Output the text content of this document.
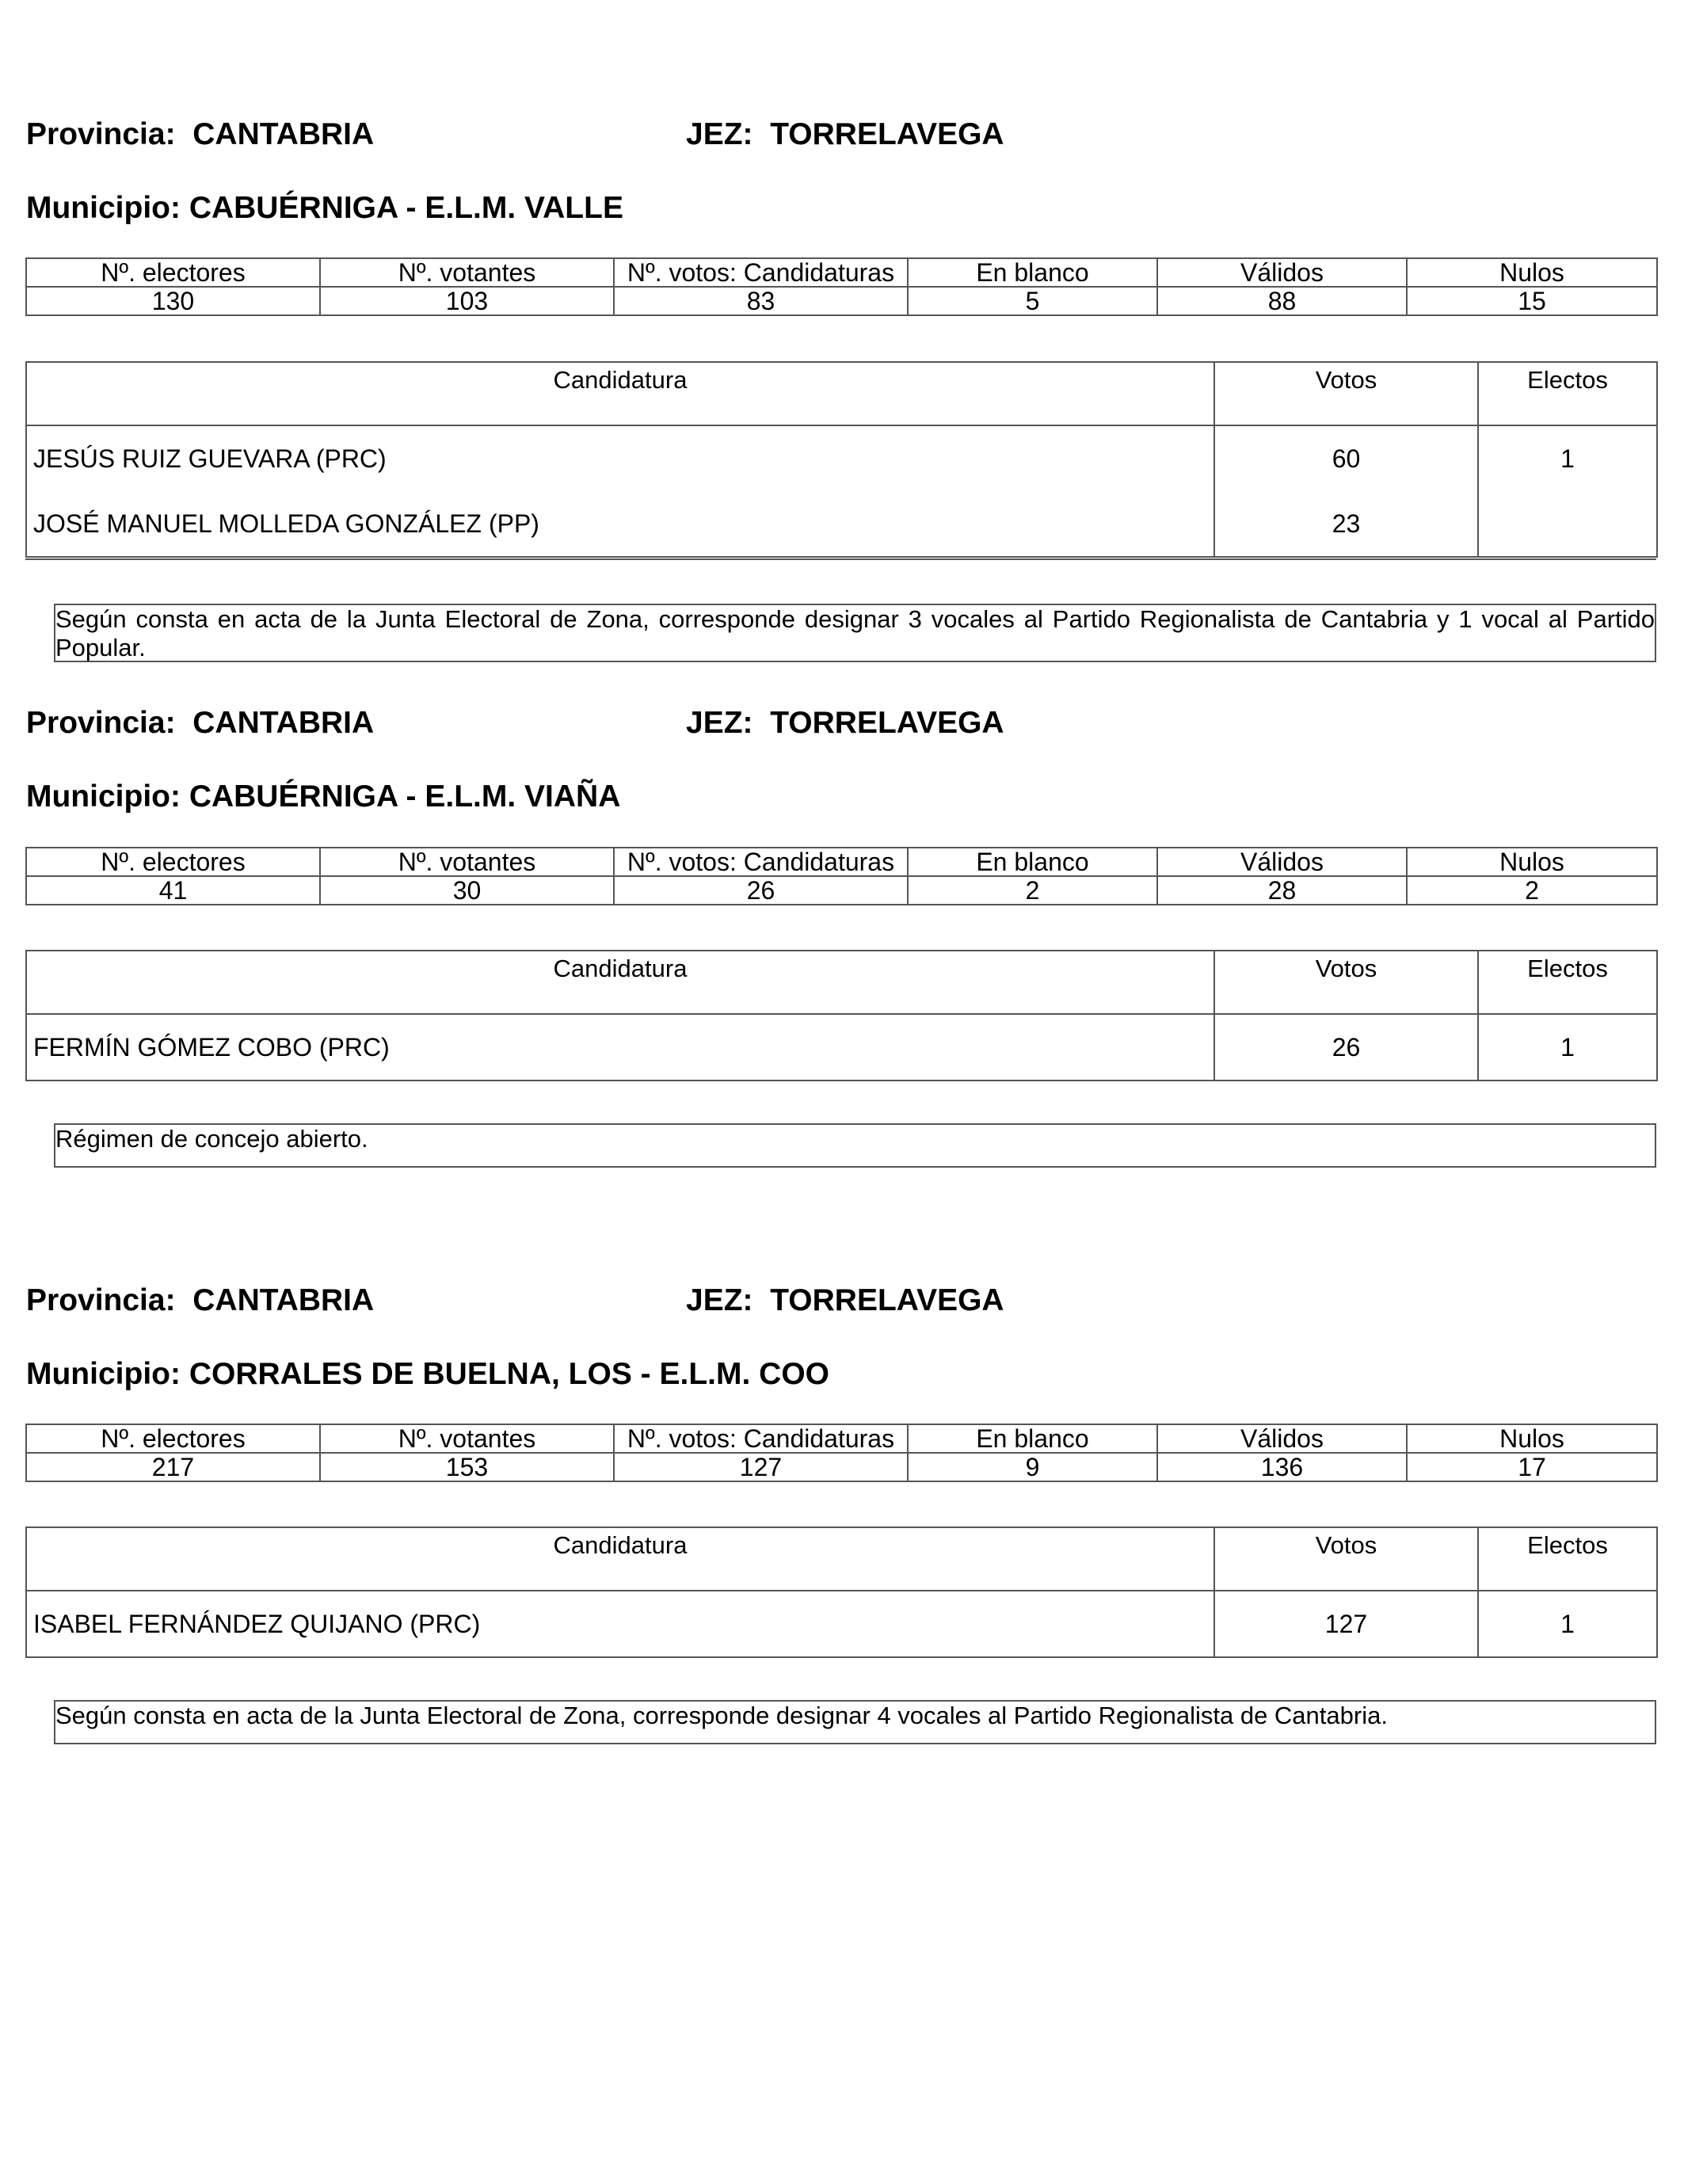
Provincia: CANTABRIA	JEZ: TORRELAVEGA
Municipio: CABUÉRNIGA - E.L.M. VALLE
Nº. electores	Nº. votantes	Nº. votos: Candidaturas	En blanco	Válidos	Nulos
130	103	83	5	88	15
Candidatura	Votos	Electos
JESÚS RUIZ GUEVARA (PRC)	60	1
JOSÉ MANUEL MOLLEDA GONZÁLEZ (PP)	23	
Según consta en acta de la Junta Electoral de Zona, corresponde designar 3 vocales al Partido Regionalista de Cantabria y 1 vocal al Partido Popular.
Provincia: CANTABRIA	JEZ: TORRELAVEGA
Municipio: CABUÉRNIGA - E.L.M. VIAÑA
Nº. electores	Nº. votantes	Nº. votos: Candidaturas	En blanco	Válidos	Nulos
41	30	26	2	28	2
Candidatura	Votos	Electos
FERMÍN GÓMEZ COBO (PRC)	26	1
Régimen de concejo abierto.
Provincia: CANTABRIA	JEZ: TORRELAVEGA
Municipio: CORRALES DE BUELNA, LOS - E.L.M. COO
Nº. electores	Nº. votantes	Nº. votos: Candidaturas	En blanco	Válidos	Nulos
217	153	127	9	136	17
Candidatura	Votos	Electos
ISABEL FERNÁNDEZ QUIJANO (PRC)	127	1
Según consta en acta de la Junta Electoral de Zona, corresponde designar 4 vocales al Partido Regionalista de Cantabria.
